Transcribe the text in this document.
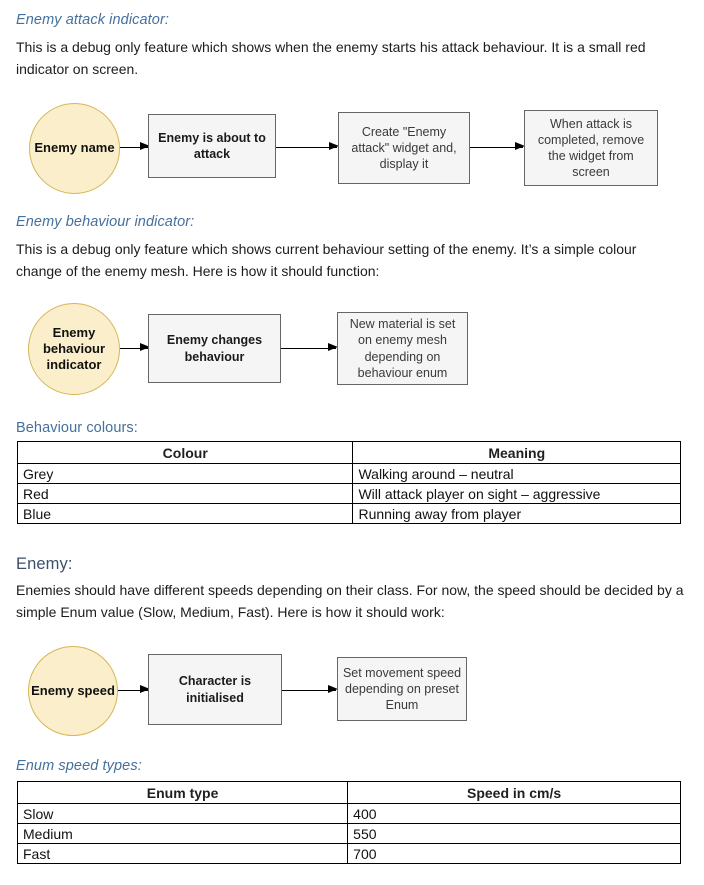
Enemy attack indicator:
This is a debug only feature which shows when the enemy starts his attack behaviour. It is a small red indicator on screen.
Enemy name
Enemy is about to attack
Create "Enemy attack" widget and, display it
When attack is completed, remove the widget from screen
Enemy behaviour indicator:
This is a debug only feature which shows current behaviour setting of the enemy. It’s a simple colour change of the enemy mesh. Here is how it should function:
Enemy behaviour indicator
Enemy changes behaviour
New material is set on enemy mesh depending on behaviour enum
Behaviour colours:
Colour	Meaning
Grey	Walking around – neutral
Red	Will attack player on sight – aggressive
Blue	Running away from player
Enemy:
Enemies should have different speeds depending on their class. For now, the speed should be decided by a simple Enum value (Slow, Medium, Fast). Here is how it should work:
Enemy speed
Character is initialised
Set movement speed depending on preset Enum
Enum speed types:
Enum type	Speed in cm/s
Slow	400
Medium	550
Fast	700
